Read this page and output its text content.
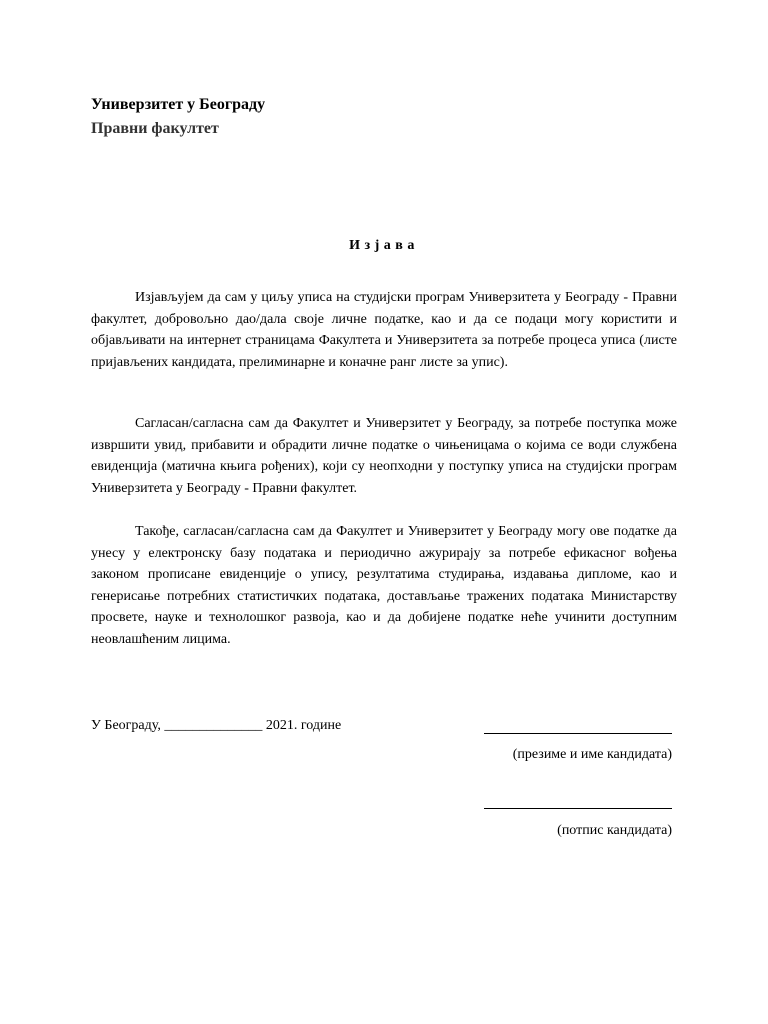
Универзитет у Београду
Правни факултет
Изјава

Изјављујем да сам у циљу уписа на студијски програм Универзитета у Београду - Правни факултет, добровољно дао/дала своје личне податке, као и да се подаци могу користити и објављивати на интернет страницама Факултета и Универзитета за потребе процеса уписа (листе пријављених кандидата, прелиминарне и коначне ранг листе за упис).

Сагласан/сагласна сам да Факултет и Универзитет у Београду, за потребе поступка може извршити увид, прибавити и обрадити личне податке о чињеницама о којима се води службена евиденција (матична књига рођених), који су неопходни у поступку уписа на студијски програм Универзитета у Београду - Правни факултет.

Такође, сагласан/сагласна сам да Факултет и Универзитет у Београду могу ове податке да унесу у електронску базу података и периодично ажурирају за потребе ефикасног вођења законом прописане евиденције о упису, резултатима студирања, издавања дипломе, као и генерисање потребних статистичких података, достављање тражених података Министарству просвете, науке и технолошког развоја, као и да добијене податке неће учинити доступним неовлашћеним лицима.

У Београду, ______________ 2021. године
(презиме и име кандидата)
(потпис кандидата)
